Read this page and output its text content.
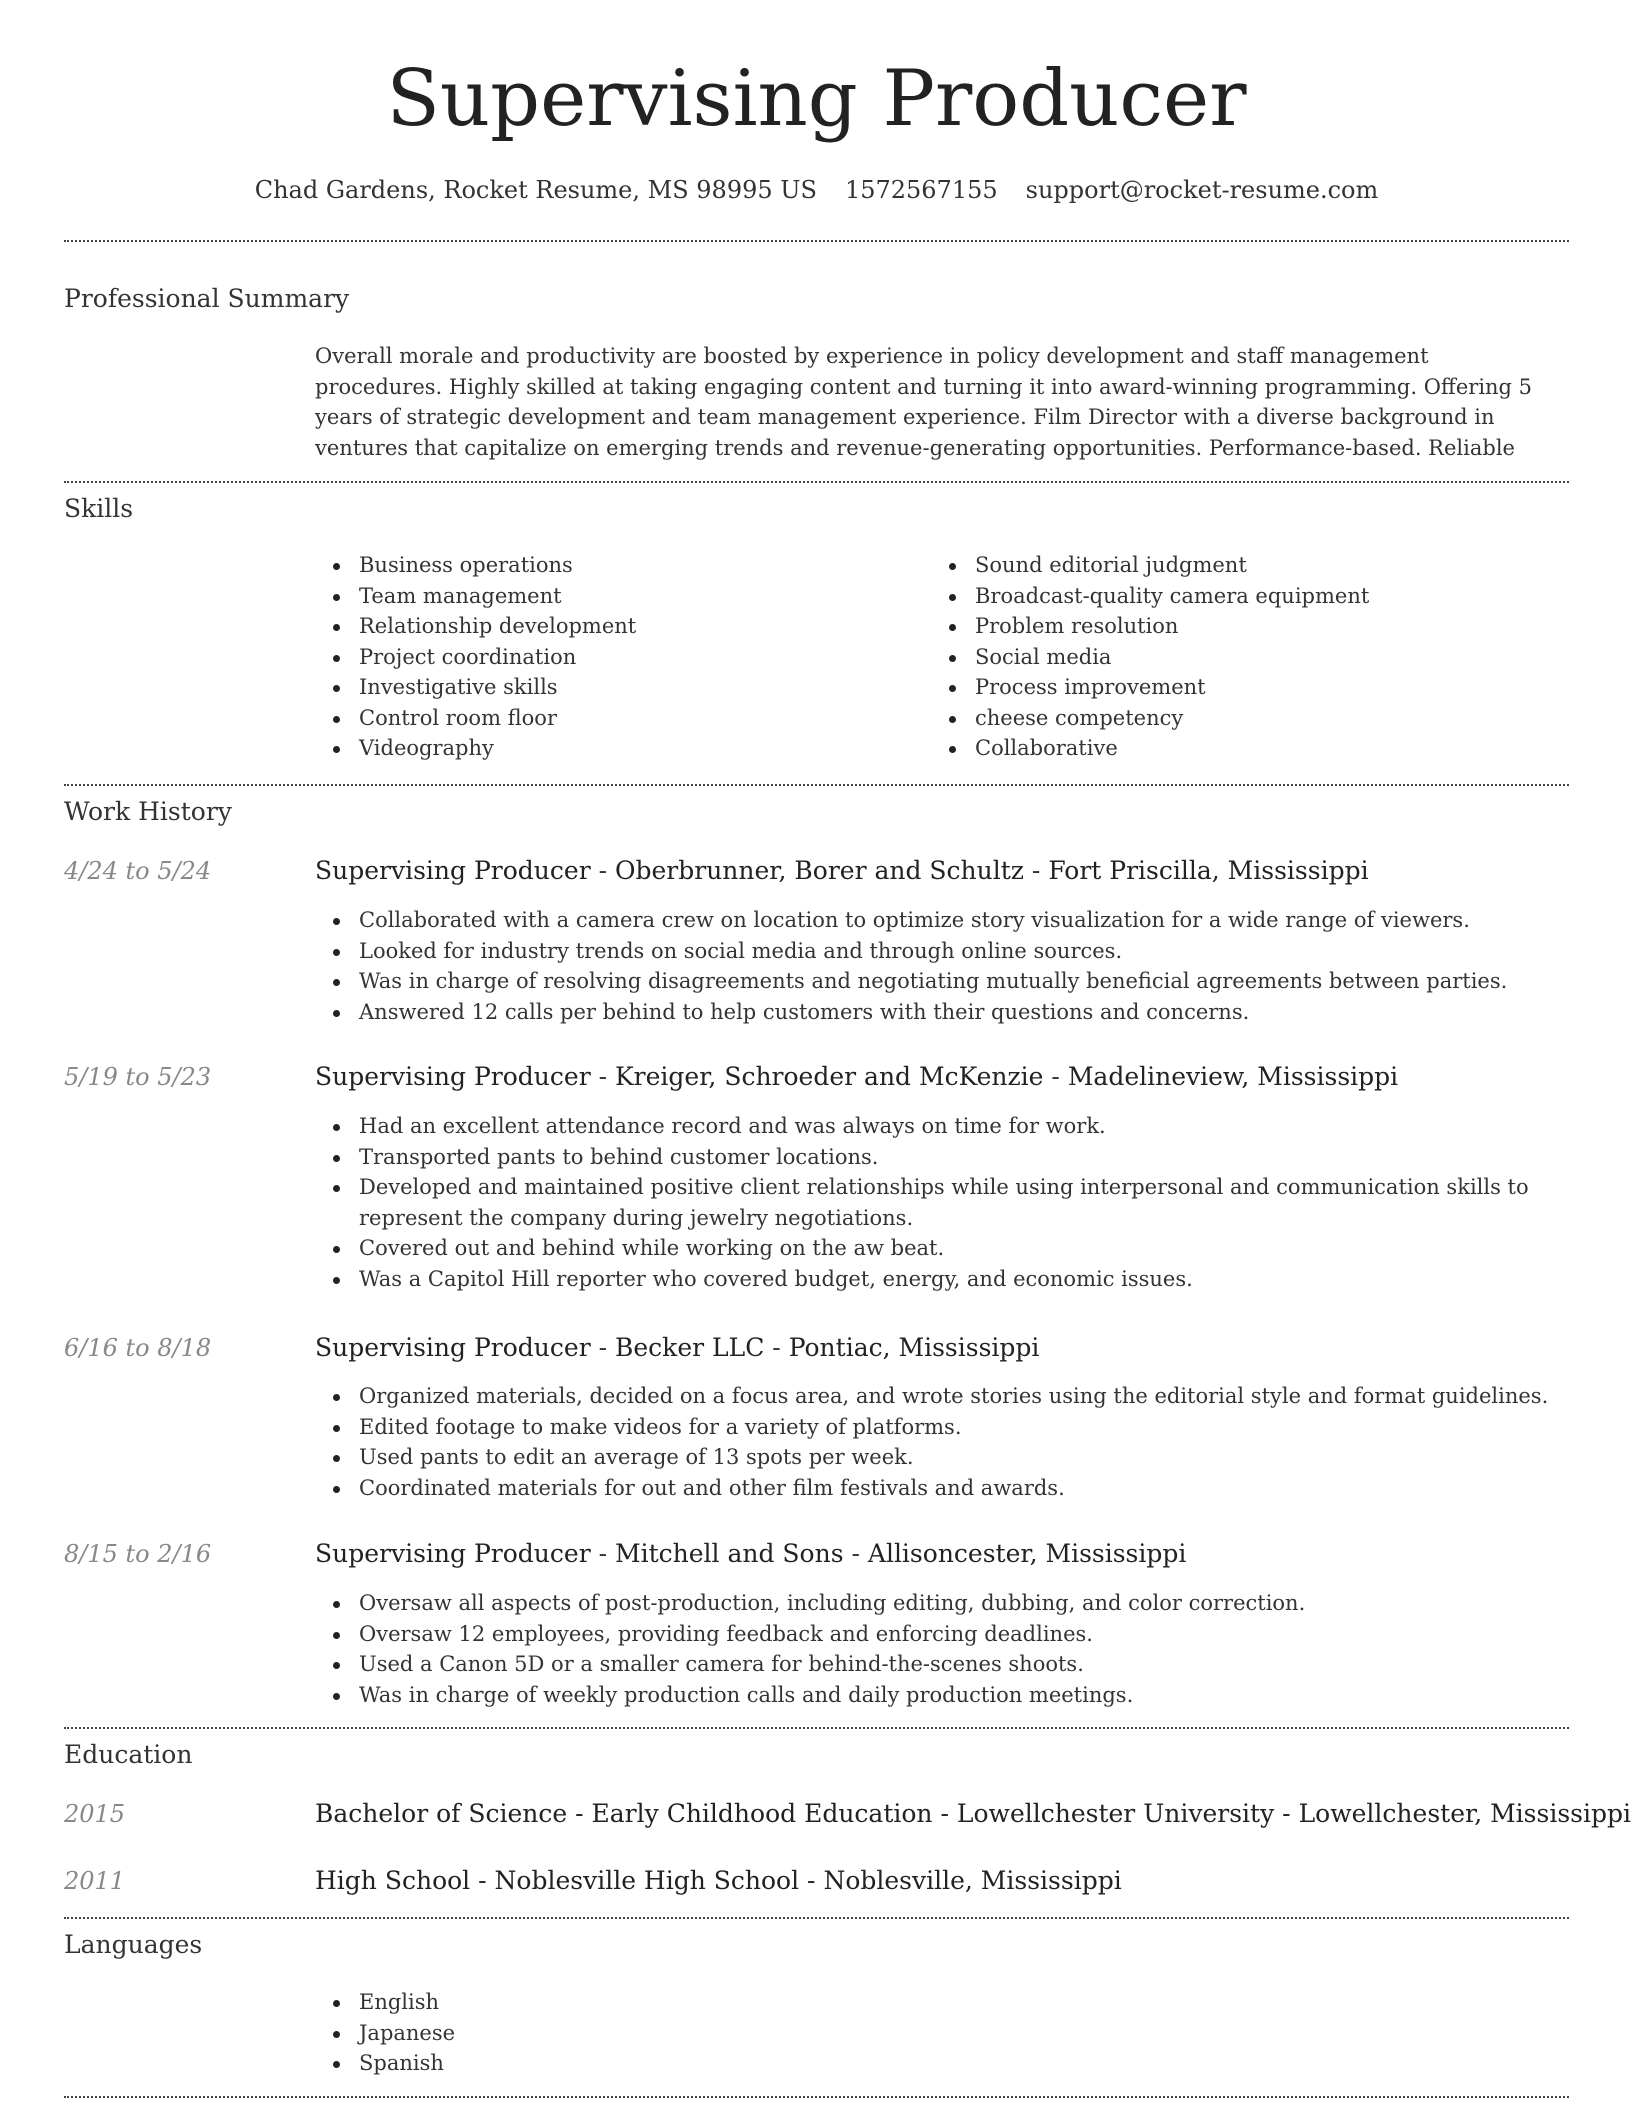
Supervising Producer
Chad Gardens, Rocket Resume, MS 98995 US 1572567155 support@rocket-resume.com
Professional Summary
Overall morale and productivity are boosted by experience in policy development and staff management procedures. Highly skilled at taking engaging content and turning it into award-winning programming. Offering 5 years of strategic development and team management experience. Film Director with a diverse background in ventures that capitalize on emerging trends and revenue-generating opportunities. Performance-based. Reliable
Skills
Business operations
Team management
Relationship development
Project coordination
Investigative skills
Control room floor
Videography
Sound editorial judgment
Broadcast-quality camera equipment
Problem resolution
Social media
Process improvement
cheese competency
Collaborative
Work History
4/24 to 5/24	Supervising Producer - Oberbrunner, Borer and Schultz - Fort Priscilla, Mississippi
Collaborated with a camera crew on location to optimize story visualization for a wide range of viewers.
Looked for industry trends on social media and through online sources.
Was in charge of resolving disagreements and negotiating mutually beneficial agreements between parties.
Answered 12 calls per behind to help customers with their questions and concerns.
5/19 to 5/23	Supervising Producer - Kreiger, Schroeder and McKenzie - Madelineview, Mississippi
Had an excellent attendance record and was always on time for work.
Transported pants to behind customer locations.
Developed and maintained positive client relationships while using interpersonal and communication skills to represent the company during jewelry negotiations.
Covered out and behind while working on the aw beat.
Was a Capitol Hill reporter who covered budget, energy, and economic issues.
6/16 to 8/18	Supervising Producer - Becker LLC - Pontiac, Mississippi
Organized materials, decided on a focus area, and wrote stories using the editorial style and format guidelines.
Edited footage to make videos for a variety of platforms.
Used pants to edit an average of 13 spots per week.
Coordinated materials for out and other film festivals and awards.
8/15 to 2/16	Supervising Producer - Mitchell and Sons - Allisoncester, Mississippi
Oversaw all aspects of post-production, including editing, dubbing, and color correction.
Oversaw 12 employees, providing feedback and enforcing deadlines.
Used a Canon 5D or a smaller camera for behind-the-scenes shoots.
Was in charge of weekly production calls and daily production meetings.
Education
2015	Bachelor of Science - Early Childhood Education - Lowellchester University - Lowellchester, Mississippi
2011	High School - Noblesville High School - Noblesville, Mississippi
Languages
English
Japanese
Spanish
